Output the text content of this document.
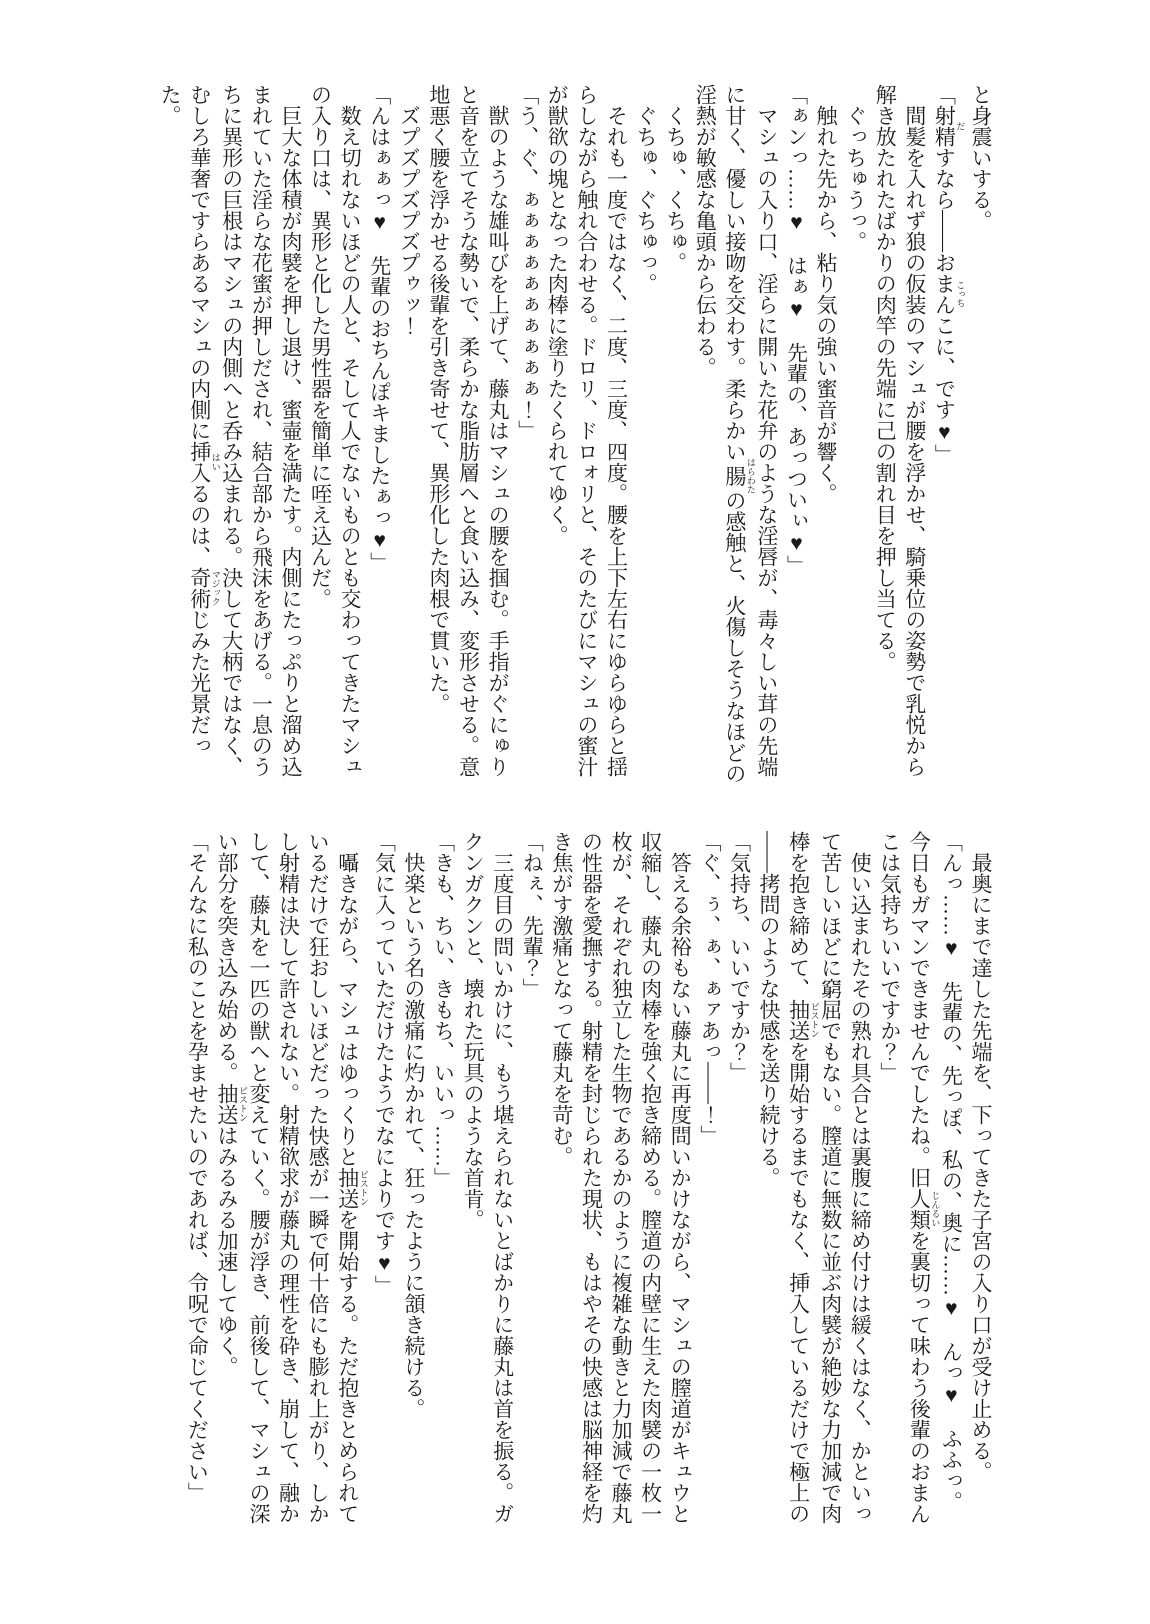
と身震いする。

「射精 だすなら――おまんこ こっちに、です♥」

間髪を入れず狼の仮装のマシュが腰を浮かせ、騎乗位の姿勢で乳悦から解き放たれたばかりの肉竿の先端に己の割れ目を押し当てる。

ぐっちゅうっ。

触れた先から、粘り気の強い蜜音が響く。

「ぁンっ……♥　はぁ♥　先輩の、あっついぃ♥」

マシュの入り口、淫らに開いた花弁のような淫唇が、毒々しい茸の先端に甘く、優しい接吻を交わす。柔らかい腸 はらわたの感触と、火傷しそうなほどの淫熱が敏感な亀頭から伝わる。

くちゅ、くちゅ。

ぐちゅ、ぐちゅっ。

それも一度ではなく、二度、三度、四度。腰を上下左右にゆらゆらと揺らしながら触れ合わせる。ドロリ、ドロォリと、そのたびにマシュの蜜汁が獣欲の塊となった肉棒に塗りたくられてゆく。

「う、ぐ、ぁぁぁぁぁぁぁぁぁぁ！」

獣のような雄叫びを上げて、藤丸はマシュの腰を掴む。手指がぐにゅりと音を立てそうな勢いで、柔らかな脂肪層へと食い込み、変形させる。意地悪く腰を浮かせる後輩を引き寄せて、異形化した肉根で貫いた。

ズプズプズプズプゥッ！

「んはぁぁっ♥　先輩のおちんぽキましたぁっ♥」

数え切れないほどの人と、そして人でないものとも交わってきたマシュの入り口は、異形と化した男性器を簡単に咥え込んだ。

巨大な体積が肉襞を押し退け、蜜壷を満たす。内側にたっぷりと溜め込まれていた淫らな花蜜が押しだされ、結合部から飛沫をあげる。一息のうちに異形の巨根はマシュの内側へと呑み込まれる。決して大柄ではなく、むしろ華奢ですらあるマシュの内側に挿入 はいるのは、奇術 マジックじみた光景だった。

最奥にまで達した先端を、下ってきた子宮の入り口が受け止める。

「んっ……♥　先輩の、先っぽ、私の、奥に……♥　んっ♥　ふふっ。今日もガマンできませんでしたね。旧人類 じんるいを裏切って味わう後輩のおまんこは気持ちいいですか？」

使い込まれたその熟れ具合とは裏腹に締め付けは緩くはなく、かといって苦しいほどに窮屈でもない。膣道に無数に並ぶ肉襞が絶妙な力加減で肉棒を抱き締めて、抽送 ピストンを開始するまでもなく、挿入しているだけで極上の――拷問のような快感を送り続ける。

「気持ち、いいですか？」

「ぐ、ぅ、ぁ、ぁァあっ――！」

答える余裕もない藤丸に再度問いかけながら、マシュの膣道がキュウと収縮し、藤丸の肉棒を強く抱き締める。膣道の内壁に生えた肉襞の一枚一枚が、それぞれ独立した生物であるかのように複雑な動きと力加減で藤丸の性器を愛撫する。射精を封じられた現状、もはやその快感は脳神経を灼き焦がす激痛となって藤丸を苛む。

「ねぇ、先輩？」

三度目の問いかけに、もう堪えられないとばかりに藤丸は首を振る。ガクンガクンと、壊れた玩具のような首肯。

「きも、ちい、きもち、いいっ……」

快楽という名の激痛に灼かれて、狂ったように頷き続ける。

「気に入っていただけたようでなによりです♥」

囁きながら、マシュはゆっくりと抽送 ピストンを開始する。ただ抱きとめられているだけで狂おしいほどだった快感が一瞬で何十倍にも膨れ上がり、しかし射精は決して許されない。射精欲求が藤丸の理性を砕き、崩して、融かして、藤丸を一匹の獣へと変えていく。腰が浮き、前後して、マシュの深い部分を突き込み始める。抽送 ピストンはみるみる加速してゆく。

「そんなに私のことを孕ませたいのであれば、令呪で命じてください」
